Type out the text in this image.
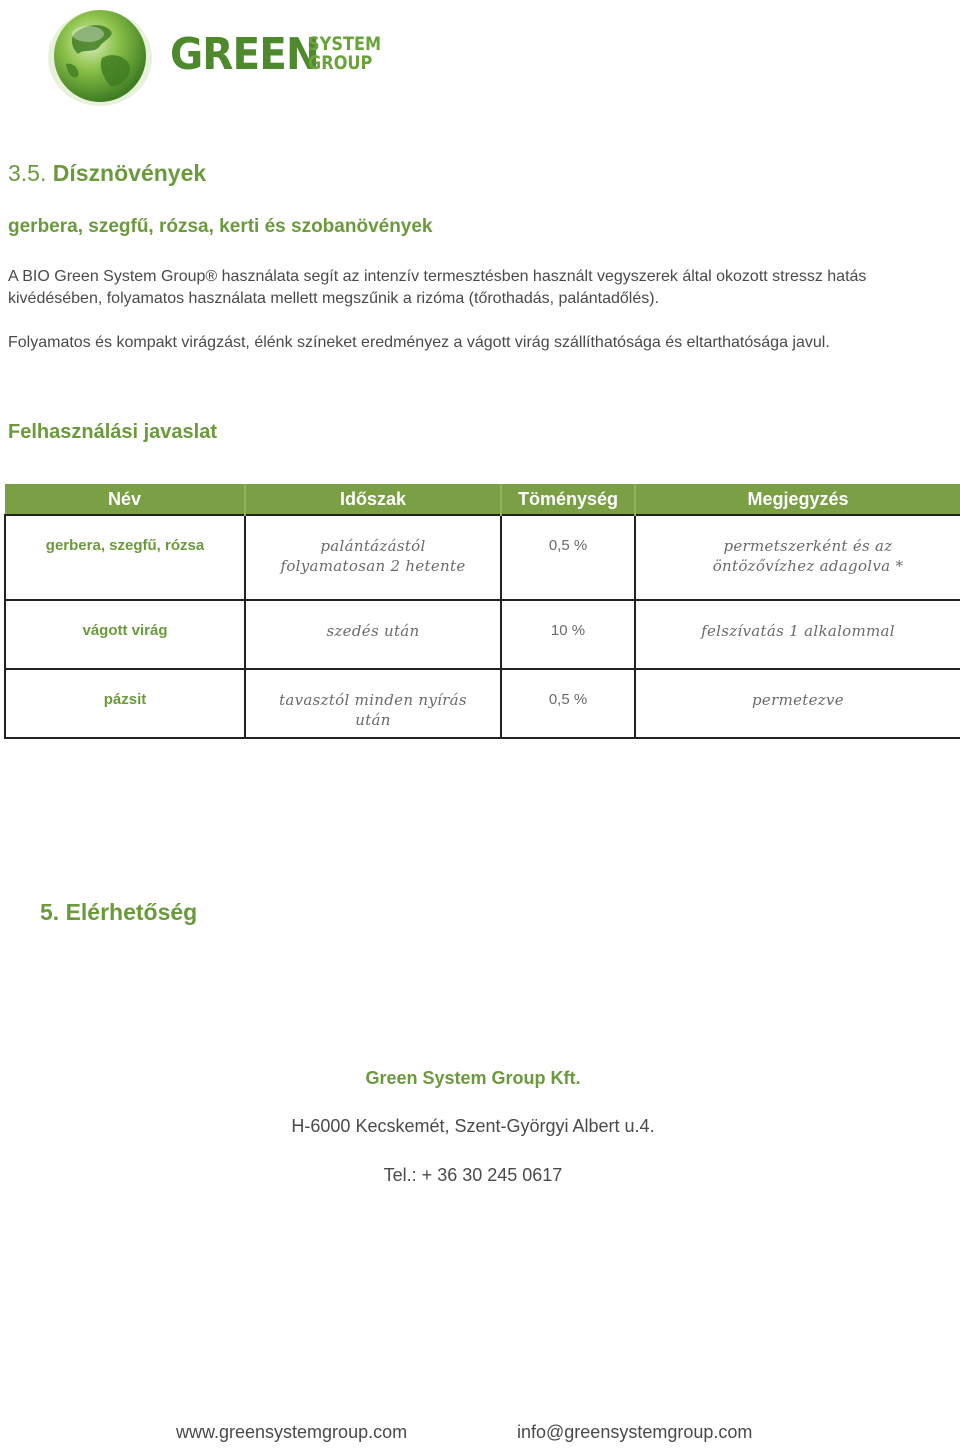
GREEN
SYSTEM
GROUP
3.5. Dísznövények
gerbera, szegfű, rózsa, kerti és szobanövények

A BIO Green System Group® használata segít az intenzív termesztésben használt vegyszerek által okozott stressz hatás kivédésében, folyamatos használata mellett megszűnik a rizóma (tőrothadás, palántadőlés).

Folyamatos és kompakt virágzást, élénk színeket eredményez a vágott virág szállíthatósága és eltarthatósága javul.

Felhasználási javaslat
Név	Időszak	Töménység	Megjegyzés
gerbera, szegfű, rózsa	palántázástól folyamatosan 2 hetente	0,5 %	permetszerként és az öntözővízhez adagolva *
vágott virág	szedés után	10 %	felszívatás 1 alkalommal
pázsit	tavasztól minden nyírás után	0,5 %	permetezve
5. Elérhetőség
Green System Group Kft.
H-6000 Kecskemét, Szent-Györgyi Albert u.4.
Tel.: + 36 30 245 0617
www.greensystemgroup.com	info@greensystemgroup.com
